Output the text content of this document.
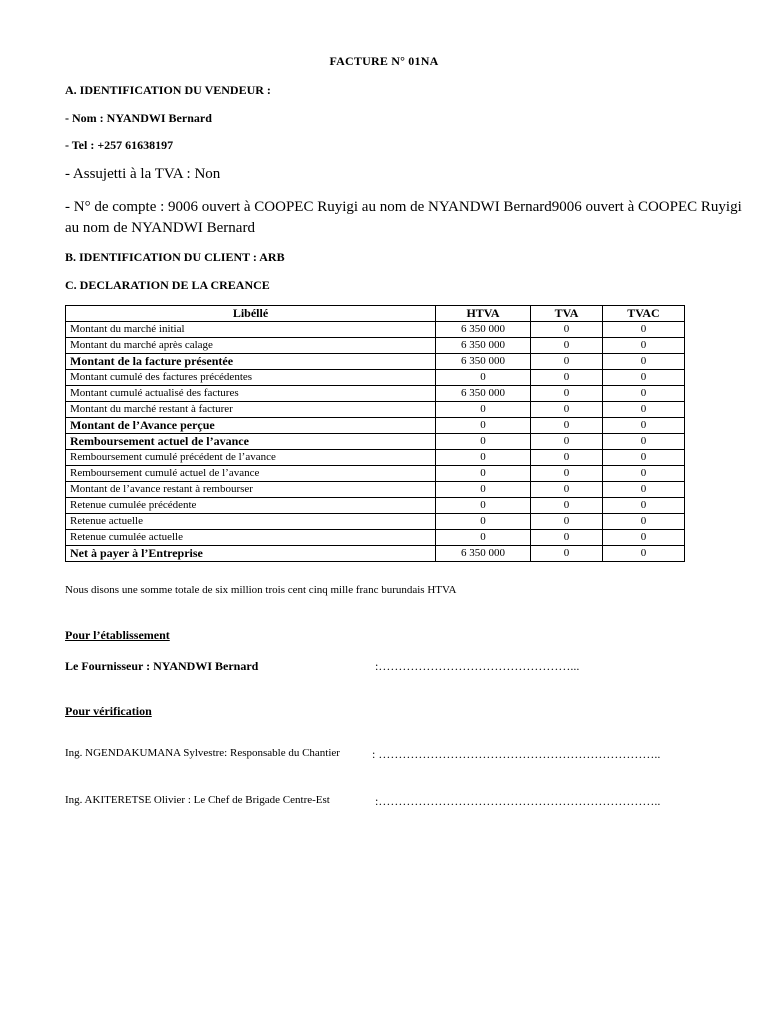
FACTURE N° 01NA
A. IDENTIFICATION DU VENDEUR :
- Nom : NYANDWI Bernard
- Tel : +257 61638197
- Assujetti à la TVA : Non
- N° de compte : 9006 ouvert à COOPEC Ruyigi au nom de NYANDWI Bernard9006 ouvert à COOPEC Ruyigi au nom de NYANDWI Bernard
B. IDENTIFICATION DU CLIENT : ARB
C. DECLARATION DE LA CREANCE
Libéllé	HTVA	TVA	TVAC
Montant du marché initial	6 350 000	0	0
Montant du marché après calage	6 350 000	0	0
Montant de la facture présentée	6 350 000	0	0
Montant cumulé des factures précédentes	0	0	0
Montant cumulé actualisé des factures	6 350 000	0	0
Montant du marché restant à facturer	0	0	0
Montant de l’Avance perçue	0	0	0
Remboursement actuel de l’avance	0	0	0
Remboursement cumulé précédent de l’avance	0	0	0
Remboursement cumulé actuel de l’avance	0	0	0
Montant de l’avance restant à rembourser	0	0	0
Retenue cumulée précédente	0	0	0
Retenue actuelle	0	0	0
Retenue cumulée actuelle	0	0	0
Net à payer à l’Entreprise	6 350 000	0	0
Nous disons une somme totale de six million trois cent cinq mille franc burundais HTVA
Pour l’établissement
Le Fournisseur : NYANDWI Bernard	:…………………………………………...
Pour vérification
Ing. NGENDAKUMANA Sylvestre: Responsable du Chantier	: ……………………………………………………………..
Ing. AKITERETSE Olivier : Le Chef de Brigade Centre-Est	:……………………………………………………………..
